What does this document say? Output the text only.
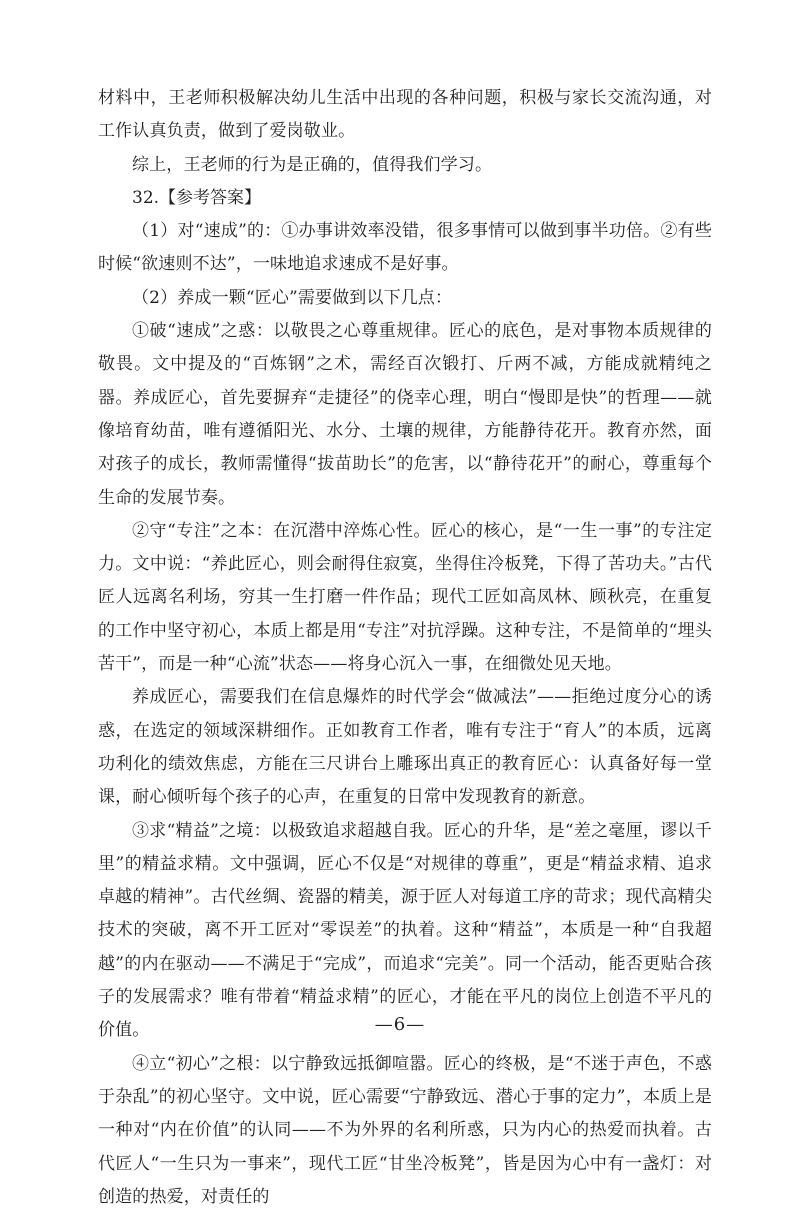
材料中，王老师积极解决幼儿生活中出现的各种问题，积极与家长交流沟通，对工作认真负责，做到了爱岗敬业。

综上，王老师的行为是正确的，值得我们学习。

32.【参考答案】

（1）对“速成”的：①办事讲效率没错，很多事情可以做到事半功倍。②有些时候“欲速则不达”，一味地追求速成不是好事。

（2）养成一颗“匠心”需要做到以下几点：

①破“速成”之惑：以敬畏之心尊重规律。匠心的底色，是对事物本质规律的敬畏。文中提及的“百炼钢”之术，需经百次锻打、斤两不减，方能成就精纯之器。养成匠心，首先要摒弃“走捷径”的侥幸心理，明白“慢即是快”的哲理——就像培育幼苗，唯有遵循阳光、水分、土壤的规律，方能静待花开。教育亦然，面对孩子的成长，教师需懂得“拔苗助长”的危害，以“静待花开”的耐心，尊重每个生命的发展节奏。

②守“专注”之本：在沉潜中淬炼心性。匠心的核心，是“一生一事”的专注定力。文中说：“养此匠心，则会耐得住寂寞，坐得住冷板凳，下得了苦功夫。”古代匠人远离名利场，穷其一生打磨一件作品；现代工匠如高凤林、顾秋亮，在重复的工作中坚守初心，本质上都是用“专注”对抗浮躁。这种专注，不是简单的“埋头苦干”，而是一种“心流”状态——将身心沉入一事，在细微处见天地。

养成匠心，需要我们在信息爆炸的时代学会“做减法”——拒绝过度分心的诱惑，在选定的领域深耕细作。正如教育工作者，唯有专注于“育人”的本质，远离功利化的绩效焦虑，方能在三尺讲台上雕琢出真正的教育匠心：认真备好每一堂课，耐心倾听每个孩子的心声，在重复的日常中发现教育的新意。

③求“精益”之境：以极致追求超越自我。匠心的升华，是“差之毫厘，谬以千里”的精益求精。文中强调，匠心不仅是“对规律的尊重”，更是“精益求精、追求卓越的精神”。古代丝绸、瓷器的精美，源于匠人对每道工序的苛求；现代高精尖技术的突破，离不开工匠对“零误差”的执着。这种“精益”，本质是一种“自我超越”的内在驱动——不满足于“完成”，而追求“完美”。同一个活动，能否更贴合孩子的发展需求？唯有带着“精益求精”的匠心，才能在平凡的岗位上创造不平凡的价值。

④立“初心”之根：以宁静致远抵御喧嚣。匠心的终极，是“不迷于声色，不惑于杂乱”的初心坚守。文中说，匠心需要“宁静致远、潜心于事的定力”，本质上是一种对“内在价值”的认同——不为外界的名利所惑，只为内心的热爱而执着。古代匠人“一生只为一事来”，现代工匠“甘坐冷板凳”，皆是因为心中有一盏灯：对创造的热爱，对责任的

—6—
